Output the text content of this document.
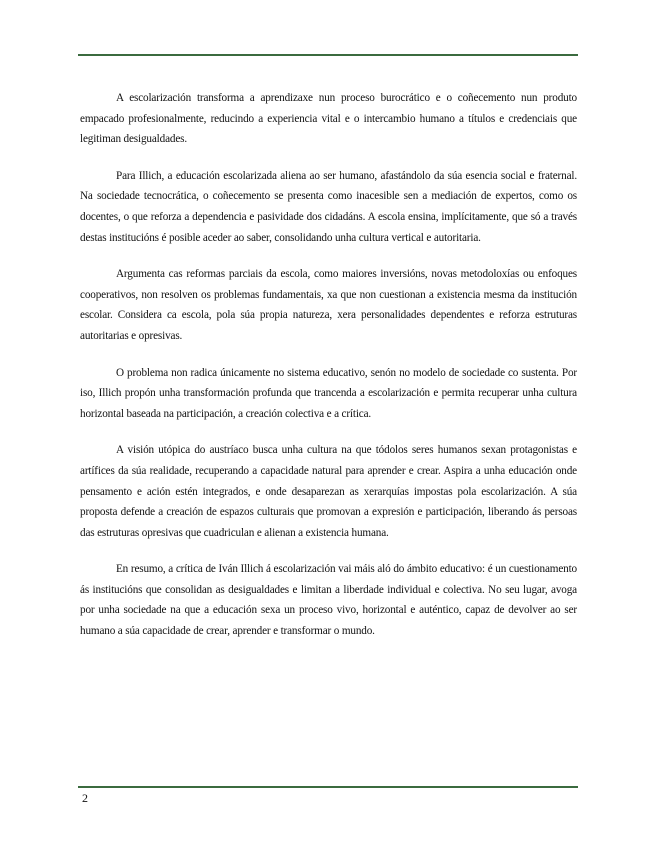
A escolarización transforma a aprendizaxe nun proceso burocrático e o coñecemento nun produto empacado profesionalmente, reducindo a experiencia vital e o intercambio humano a títulos e credenciais que legitiman desigualdades.

Para Illich, a educación escolarizada aliena ao ser humano, afastándolo da súa esencia social e fraternal. Na sociedade tecnocrática, o coñecemento se presenta como inacesible sen a mediación de expertos, como os docentes, o que reforza a dependencia e pasividade dos cidadáns. A escola ensina, implícitamente, que só a través destas institucións é posible aceder ao saber, consolidando unha cultura vertical e autoritaria.

Argumenta cas reformas parciais da escola, como maiores inversións, novas metodoloxías ou enfoques cooperativos, non resolven os problemas fundamentais, xa que non cuestionan a existencia mesma da institución escolar. Considera ca escola, pola súa propia natureza, xera personalidades dependentes e reforza estruturas autoritarias e opresivas.

O problema non radica únicamente no sistema educativo, senón no modelo de sociedade co sustenta. Por iso, Illich propón unha transformación profunda que trancenda a escolarización e permita recuperar unha cultura horizontal baseada na participación, a creación colectiva e a crítica.

A visión utópica do austríaco busca unha cultura na que tódolos seres humanos sexan protagonistas e artífices da súa realidade, recuperando a capacidade natural para aprender e crear. Aspira a unha educación onde pensamento e ación estén integrados, e onde desaparezan as xerarquías impostas pola escolarización. A súa proposta defende a creación de espazos culturais que promovan a expresión e participación, liberando ás persoas das estruturas opresivas que cuadriculan e alienan a existencia humana.

En resumo, a crítica de Iván Illich á escolarización vai máis aló do ámbito educativo: é un cuestionamento ás institucións que consolidan as desigualdades e limitan a liberdade individual e colectiva. No seu lugar, avoga por unha sociedade na que a educación sexa un proceso vivo, horizontal e auténtico, capaz de devolver ao ser humano a súa capacidade de crear, aprender e transformar o mundo.

2
